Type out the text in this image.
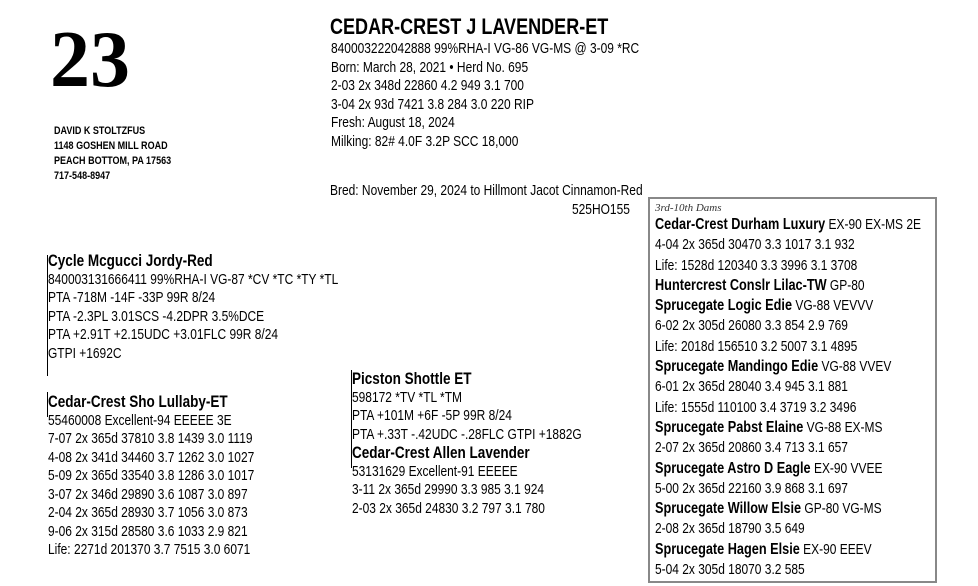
23
DAVID K STOLTZFUS
1148 GOSHEN MILL ROAD
PEACH BOTTOM, PA 17563
717-548-8947
CEDAR-CREST J LAVENDER-ET
840003222042888 99%RHA-I VG-86 VG-MS @ 3-09 *RC
Born: March 28, 2021 • Herd No. 695
2-03 2x 348d 22860 4.2 949 3.1 700
3-04 2x 93d 7421 3.8 284 3.0 220 RIP
Fresh: August 18, 2024
Milking: 82# 4.0F 3.2P SCC 18,000
Bred: November 29, 2024 to Hillmont Jacot Cinnamon-Red
525HO155
Cycle Mcgucci Jordy-Red
840003131666411 99%RHA-I VG-87 *CV *TC *TY *TL
PTA -718M -14F -33P 99R 8/24
PTA -2.3PL 3.01SCS -4.2DPR 3.5%DCE
PTA +2.91T +2.15UDC +3.01FLC 99R 8/24
GTPI +1692C
Cedar-Crest Sho Lullaby-ET
55460008 Excellent-94 EEEEE 3E
7-07 2x 365d 37810 3.8 1439 3.0 1119
4-08 2x 341d 34460 3.7 1262 3.0 1027
5-09 2x 365d 33540 3.8 1286 3.0 1017
3-07 2x 346d 29890 3.6 1087 3.0 897
2-04 2x 365d 28930 3.7 1056 3.0 873
9-06 2x 315d 28580 3.6 1033 2.9 821
Life: 2271d 201370 3.7 7515 3.0 6071
Picston Shottle ET
598172 *TV *TL *TM
PTA +101M +6F -5P 99R 8/24
PTA +.33T -.42UDC -.28FLC GTPI +1882G
Cedar-Crest Allen Lavender
53131629 Excellent-91 EEEEE
3-11 2x 365d 29990 3.3 985 3.1 924
2-03 2x 365d 24830 3.2 797 3.1 780
3rd-10th Dams
Cedar-Crest Durham Luxury EX-90 EX-MS 2E
4-04 2x 365d 30470 3.3 1017 3.1 932
Life: 1528d 120340 3.3 3996 3.1 3708
Huntercrest Conslr Lilac-TW GP-80
Sprucegate Logic Edie VG-88 VEVVV
6-02 2x 305d 26080 3.3 854 2.9 769
Life: 2018d 156510 3.2 5007 3.1 4895
Sprucegate Mandingo Edie VG-88 VVEV
6-01 2x 365d 28040 3.4 945 3.1 881
Life: 1555d 110100 3.4 3719 3.2 3496
Sprucegate Pabst Elaine VG-88 EX-MS
2-07 2x 365d 20860 3.4 713 3.1 657
Sprucegate Astro D Eagle EX-90 VVEE
5-00 2x 365d 22160 3.9 868 3.1 697
Sprucegate Willow Elsie GP-80 VG-MS
2-08 2x 365d 18790 3.5 649
Sprucegate Hagen Elsie EX-90 EEEV
5-04 2x 305d 18070 3.2 585
